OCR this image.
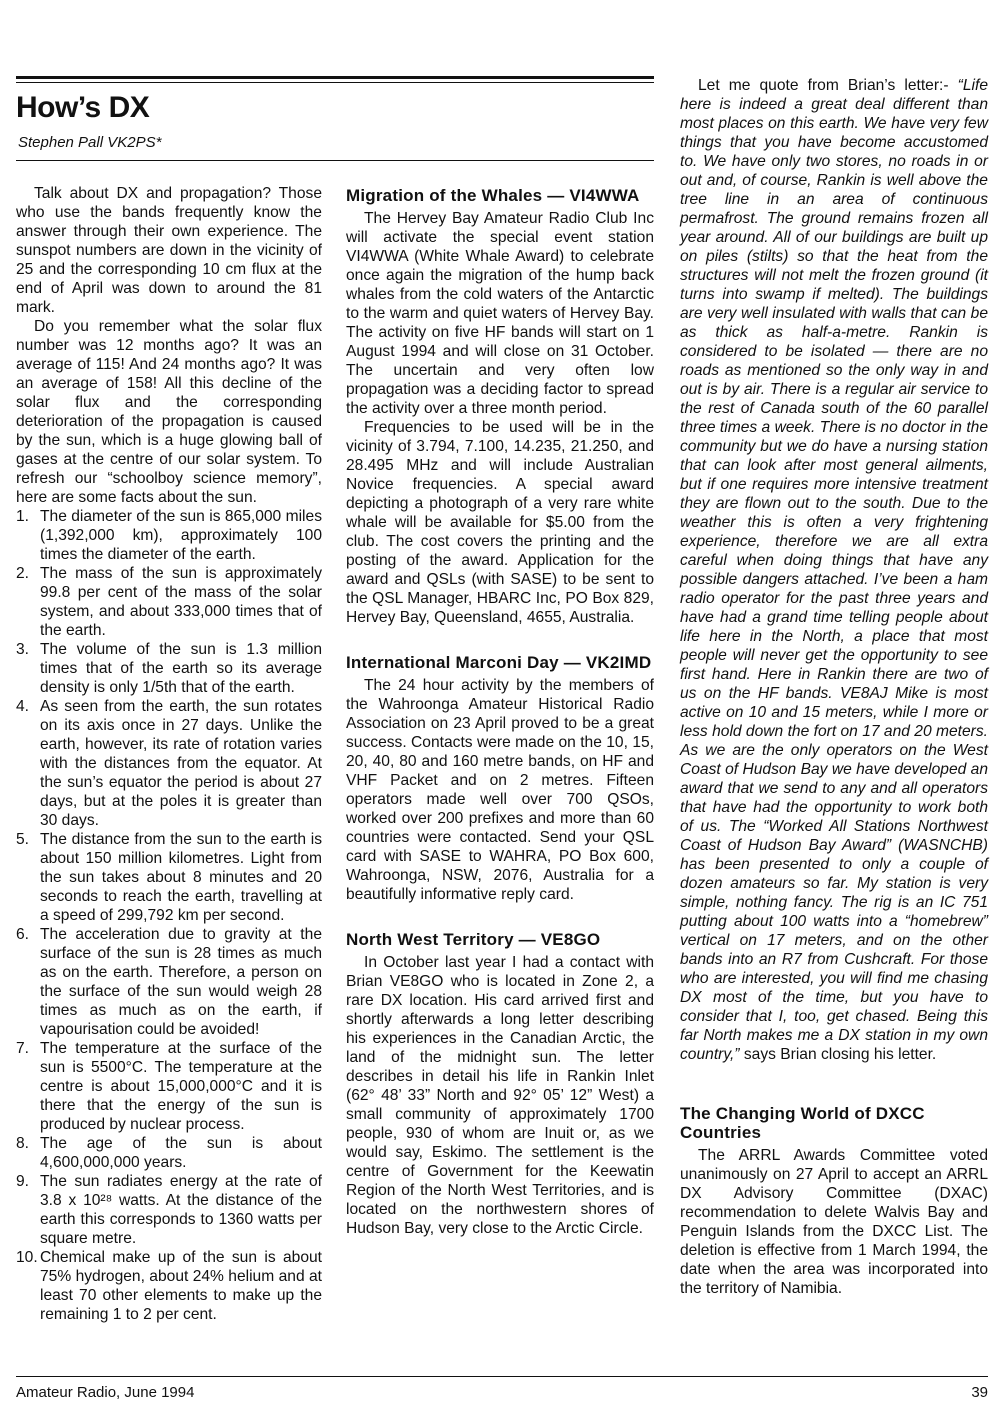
How’s DX
Stephen Pall VK2PS*

Talk about DX and propagation? Those who use the bands frequently know the answer through their own experience. The sunspot numbers are down in the vicinity of 25 and the corresponding 10 cm flux at the end of April was down to around the 81 mark.

Do you remember what the solar flux number was 12 months ago? It was an average of 115! And 24 months ago? It was an average of 158! All this decline of the solar flux and the corresponding deterioration of the propagation is caused by the sun, which is a huge glowing ball of gases at the centre of our solar system. To refresh our “schoolboy science memory”, here are some facts about the sun.

1. The diameter of the sun is 865,000 miles (1,392,000 km), approximately 100 times the diameter of the earth.
2. The mass of the sun is approximately 99.8 per cent of the mass of the solar system, and about 333,000 times that of the earth.
3. The volume of the sun is 1.3 million times that of the earth so its average density is only 1/5th that of the earth.
4. As seen from the earth, the sun rotates on its axis once in 27 days. Unlike the earth, however, its rate of rotation varies with the distances from the equator. At the sun’s equator the period is about 27 days, but at the poles it is greater than 30 days.
5. The distance from the sun to the earth is about 150 million kilometres. Light from the sun takes about 8 minutes and 20 seconds to reach the earth, travelling at a speed of 299,792 km per second.
6. The acceleration due to gravity at the surface of the sun is 28 times as much as on the earth. Therefore, a person on the surface of the sun would weigh 28 times as much as on the earth, if vapourisation could be avoided!
7. The temperature at the surface of the sun is 5500°C. The temperature at the centre is about 15,000,000°C and it is there that the energy of the sun is produced by nuclear process.
8. The age of the sun is about 4,600,000,000 years.
9. The sun radiates energy at the rate of 3.8 x 10²⁸ watts. At the distance of the earth this corresponds to 1360 watts per square metre.
10. Chemical make up of the sun is about 75% hydrogen, about 24% helium and at least 70 other elements to make up the remaining 1 to 2 per cent.
Migration of the Whales — VI4WWA

The Hervey Bay Amateur Radio Club Inc will activate the special event station VI4WWA (White Whale Award) to celebrate once again the migration of the hump back whales from the cold waters of the Antarctic to the warm and quiet waters of Hervey Bay. The activity on five HF bands will start on 1 August 1994 and will close on 31 October. The uncertain and very often low propagation was a deciding factor to spread the activity over a three month period.

Frequencies to be used will be in the vicinity of 3.794, 7.100, 14.235, 21.250, and 28.495 MHz and will include Australian Novice frequencies. A special award depicting a photograph of a very rare white whale will be available for $5.00 from the club. The cost covers the printing and the posting of the award. Application for the award and QSLs (with SASE) to be sent to the QSL Manager, HBARC Inc, PO Box 829, Hervey Bay, Queensland, 4655, Australia.

International Marconi Day — VK2IMD

The 24 hour activity by the members of the Wahroonga Amateur Historical Radio Association on 23 April proved to be a great success. Contacts were made on the 10, 15, 20, 40, 80 and 160 metre bands, on HF and VHF Packet and on 2 metres. Fifteen operators made well over 700 QSOs, worked over 200 prefixes and more than 60 countries were contacted. Send your QSL card with SASE to WAHRA, PO Box 600, Wahroonga, NSW, 2076, Australia for a beautifully informative reply card.

North West Territory — VE8GO

In October last year I had a contact with Brian VE8GO who is located in Zone 2, a rare DX location. His card arrived first and shortly afterwards a long letter describing his experiences in the Canadian Arctic, the land of the midnight sun. The letter describes in detail his life in Rankin Inlet (62° 48’ 33” North and 92° 05’ 12” West) a small community of approximately 1700 people, 930 of whom are Inuit or, as we would say, Eskimo. The settlement is the centre of Government for the Keewatin Region of the North West Territories, and is located on the northwestern shores of Hudson Bay, very close to the Arctic Circle.

Let me quote from Brian’s letter:- “Life here is indeed a great deal different than most places on this earth. We have very few things that you have become accustomed to. We have only two stores, no roads in or out and, of course, Rankin is well above the tree line in an area of continuous permafrost. The ground remains frozen all year around. All of our buildings are built up on piles (stilts) so that the heat from the structures will not melt the frozen ground (it turns into swamp if melted). The buildings are very well insulated with walls that can be as thick as half-a-metre. Rankin is considered to be isolated — there are no roads as mentioned so the only way in and out is by air. There is a regular air service to the rest of Canada south of the 60 parallel three times a week. There is no doctor in the community but we do have a nursing station that can look after most general ailments, but if one requires more intensive treatment they are flown out to the south. Due to the weather this is often a very frightening experience, therefore we are all extra careful when doing things that have any possible dangers attached. I’ve been a ham radio operator for the past three years and have had a grand time telling people about life here in the North, a place that most people will never get the opportunity to see first hand. Here in Rankin there are two of us on the HF bands. VE8AJ Mike is most active on 10 and 15 meters, while I more or less hold down the fort on 17 and 20 meters. As we are the only operators on the West Coast of Hudson Bay we have developed an award that we send to any and all operators that have had the opportunity to work both of us. The “Worked All Stations Northwest Coast of Hudson Bay Award” (WASNCHB) has been presented to only a couple of dozen amateurs so far. My station is very simple, nothing fancy. The rig is an IC 751 putting about 100 watts into a “homebrew” vertical on 17 meters, and on the other bands into an R7 from Cushcraft. For those who are interested, you will find me chasing DX most of the time, but you have to consider that I, too, get chased. Being this far North makes me a DX station in my own country,” says Brian closing his letter.

The Changing World of DXCC Countries

The ARRL Awards Committee voted unanimously on 27 April to accept an ARRL DX Advisory Committee (DXAC) recommendation to delete Walvis Bay and Penguin Islands from the DXCC List. The deletion is effective from 1 March 1994, the date when the area was incorporated into the territory of Namibia.

Amateur Radio, June 1994	39
